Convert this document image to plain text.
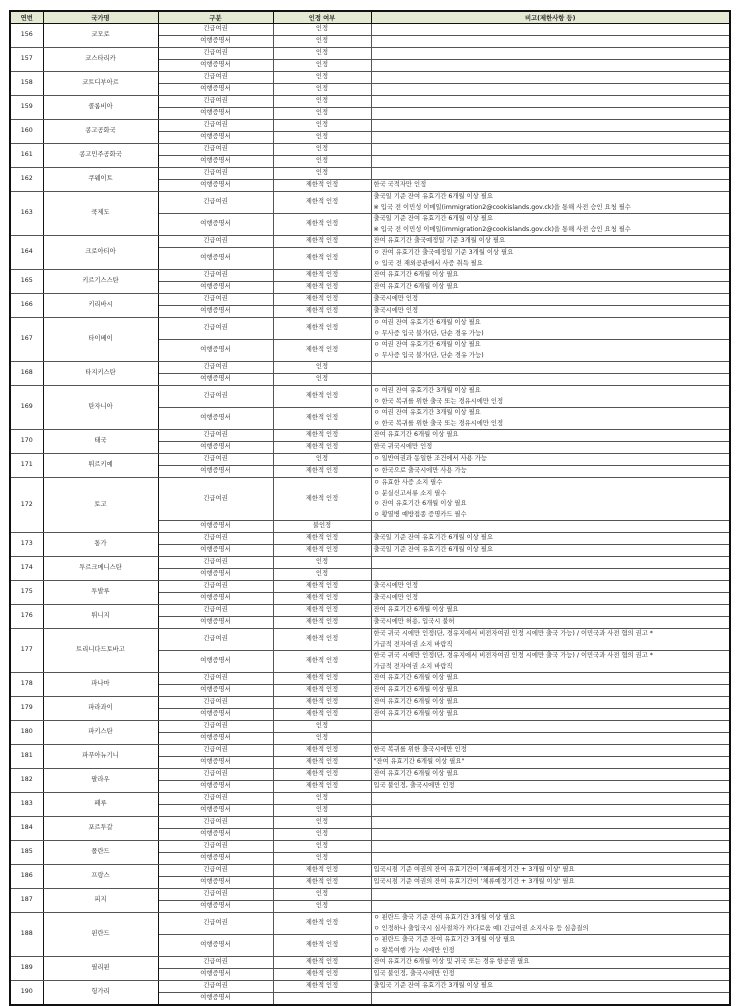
연번	국가명	구분	인정 여부	비고(제한사항 등)
156	코모로	긴급여권	인정	
		여행증명서	인정	
157	코스타리카	긴급여권	인정	
		여행증명서	인정	
158	코트디부아르	긴급여권	인정	
		여행증명서	인정	
159	콜롬비아	긴급여권	인정	
		여행증명서	인정	
160	콩고공화국	긴급여권	인정	
		여행증명서	인정	
161	콩고민주공화국	긴급여권	인정	
		여행증명서	인정	
162	쿠웨이트	긴급여권	인정	
		여행증명서	제한적 인정	한국 국적자만 인정

163	쿡제도	긴급여권	제한적 인정	출국일 기준 잔여 유효기간 6개월 이상 필요
※ 입국 전 이민성 이메일(immigration2@cookislands.gov.ck)을 통해 사전 승인 요청 필수

		여행증명서	제한적 인정	출국일 기준 잔여 유효기간 6개월 이상 필요
※ 입국 전 이민성 이메일(immigration2@cookislands.gov.ck)을 통해 사전 승인 요청 필수

164	크로아티아	긴급여권	제한적 인정	잔여 유효기간 출국예정일 기준 3개월 이상 필요

		여행증명서	제한적 인정	ㅇ 잔여 유효기간 출국예정일 기준 3개월 이상 필요
ㅇ 입국 전 재외공관에서 사증 취득 필요

165	키르기스스탄	긴급여권	제한적 인정	잔여 유효기간 6개월 이상 필요

		여행증명서	제한적 인정	잔여 유효기간 6개월 이상 필요

166	키리바시	긴급여권	제한적 인정	출국시에만 인정

		여행증명서	제한적 인정	출국시에만 인정

167	타이베이	긴급여권	제한적 인정	ㅇ 여권 잔여 유효기간 6개월 이상 필요
ㅇ 무사증 입국 불가(단, 단순 경유 가능)

		여행증명서	제한적 인정	ㅇ 여권 잔여 유효기간 6개월 이상 필요
ㅇ 무사증 입국 불가(단, 단순 경유 가능)

168	타지키스탄	긴급여권	인정	
		여행증명서	인정	
169	탄자니아	긴급여권	제한적 인정	ㅇ 여권 잔여 유효기간 3개월 이상 필요
ㅇ 한국 복귀를 위한 출국 또는 경유시에만 인정

		여행증명서	제한적 인정	ㅇ 여권 잔여 유효기간 3개월 이상 필요
ㅇ 한국 복귀를 위한 출국 또는 경유시에만 인정

170	태국	긴급여권	제한적 인정	잔여 유효기간 6개월 이상 필요

		여행증명서	제한적 인정	한국 귀국시에만 인정

171	튀르키예	긴급여권	인정	ㅇ 일반여권과 동일한 조건에서 사용 가능

		여행증명서	제한적 인정	ㅇ 한국으로 출국시에만 사용 가능

172	토고	긴급여권	제한적 인정	ㅇ 유효한 사증 소지 필수
ㅇ 분실신고서류 소지 필수
ㅇ 잔여 유효기간 6개월 이상 필요
ㅇ 황열병 예방접종 증명카드 필수

		여행증명서	불인정	
173	통가	긴급여권	제한적 인정	출국일 기준 잔여 유효기간 6개월 이상 필요

		여행증명서	제한적 인정	출국일 기준 잔여 유효기간 6개월 이상 필요

174	투르크메니스탄	긴급여권	인정	
		여행증명서	인정	
175	투발루	긴급여권	제한적 인정	출국시에만 인정

		여행증명서	제한적 인정	출국시에만 인정

176	튀니지	긴급여권	제한적 인정	잔여 유효기간 6개월 이상 필요

		여행증명서	제한적 인정	출국시에만 허용, 입국시 불허

177	트리니다드토바고	긴급여권	제한적 인정	한국 귀국 시에만 인정(단, 경유지에서 비전자여권 인정 시에만 출국 가능) / 이민국과 사전 협의 권고 *
가급적 전자여권 소지 바람직

		여행증명서	제한적 인정	한국 귀국 시에만 인정(단, 경유지에서 비전자여권 인정 시에만 출국 가능) / 이민국과 사전 협의 권고 *
가급적 전자여권 소지 바람직

178	파나마	긴급여권	제한적 인정	잔여 유효기간 6개월 이상 필요

		여행증명서	제한적 인정	잔여 유효기간 6개월 이상 필요

179	파라과이	긴급여권	제한적 인정	잔여 유효기간 6개월 이상 필요

		여행증명서	제한적 인정	잔여 유효기간 6개월 이상 필요

180	파키스탄	긴급여권	인정	
		여행증명서	인정	
181	파푸아뉴기니	긴급여권	제한적 인정	한국 복귀를 위한 출국시에만 인정

		여행증명서	제한적 인정	"잔여 유효기간 6개월 이상 필요"

182	팔라우	긴급여권	제한적 인정	잔여 유효기간 6개월 이상 필요

		여행증명서	제한적 인정	입국 불인정, 출국시에만 인정

183	페루	긴급여권	인정	
		여행증명서	인정	
184	포르투갈	긴급여권	인정	
		여행증명서	인정	
185	폴란드	긴급여권	인정	
		여행증명서	인정	
186	프랑스	긴급여권	제한적 인정	입국시점 기준 여권의 잔여 유효기간이 '체류예정기간 + 3개월 이상' 필요

		여행증명서	제한적 인정	입국시점 기준 여권의 잔여 유효기간이 '체류예정기간 + 3개월 이상' 필요

187	피지	긴급여권	인정	
		여행증명서	인정	
188	핀란드	긴급여권	제한적 인정	ㅇ 핀란드 출국 기준 잔여 유효기간 3개월 이상 필요
ㅇ 인정하나 출입국시 심사절차가 까다로움 예) 긴급여권 소지사유 등 심층질의

		여행증명서	제한적 인정	ㅇ 핀란드 출국 기준 잔여 유효기간 3개월 이상 필요
ㅇ 왕복여행 가능 시에만 인정

189	필리핀	긴급여권	제한적 인정	잔여 유효기간 6개월 이상 및 귀국 또는 경유 항공권 필요

		여행증명서	제한적 인정	입국 불인정, 출국시에만 인정

190	헝가리	긴급여권	제한적 인정	출입국 기준 잔여 유효기간 3개월 이상 필요

		여행증명서		
